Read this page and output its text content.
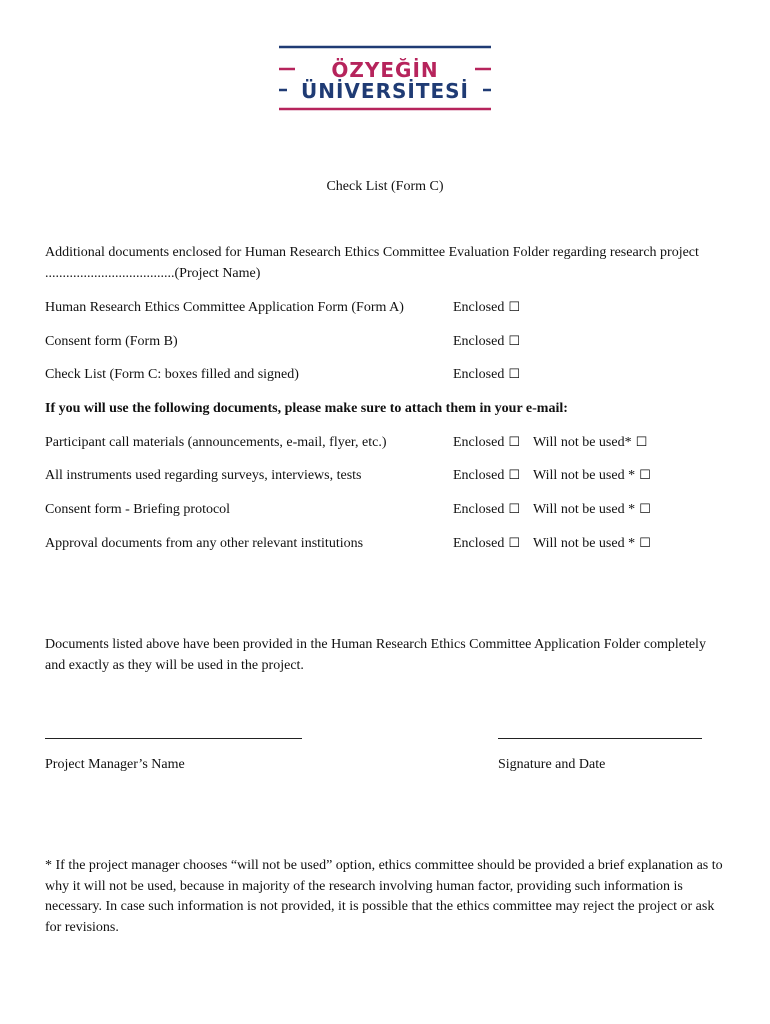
ÖZYEĞİN
ÜNİVERSİTESİ
Check List (Form C)
Additional documents enclosed for Human Research Ethics Committee Evaluation Folder regarding research project .....................................(Project Name)
Human Research Ethics Committee Application Form (Form A)	Enclosed ☐
Consent form (Form B)	Enclosed ☐
Check List (Form C: boxes filled and signed)	Enclosed ☐
If you will use the following documents, please make sure to attach them in your e-mail:
Participant call materials (announcements, e-mail, flyer, etc.)	Enclosed ☐ Will not be used* ☐
All instruments used regarding surveys, interviews, tests	Enclosed ☐ Will not be used * ☐
Consent form - Briefing protocol	Enclosed ☐ Will not be used * ☐
Approval documents from any other relevant institutions	Enclosed ☐ Will not be used * ☐
Documents listed above have been provided in the Human Research Ethics Committee Application Folder completely and exactly as they will be used in the project.
Project Manager’s Name	Signature and Date
* If the project manager chooses “will not be used” option, ethics committee should be provided a brief explanation as to why it will not be used, because in majority of the research involving human factor, providing such information is necessary. In case such information is not provided, it is possible that the ethics committee may reject the project or ask for revisions.
